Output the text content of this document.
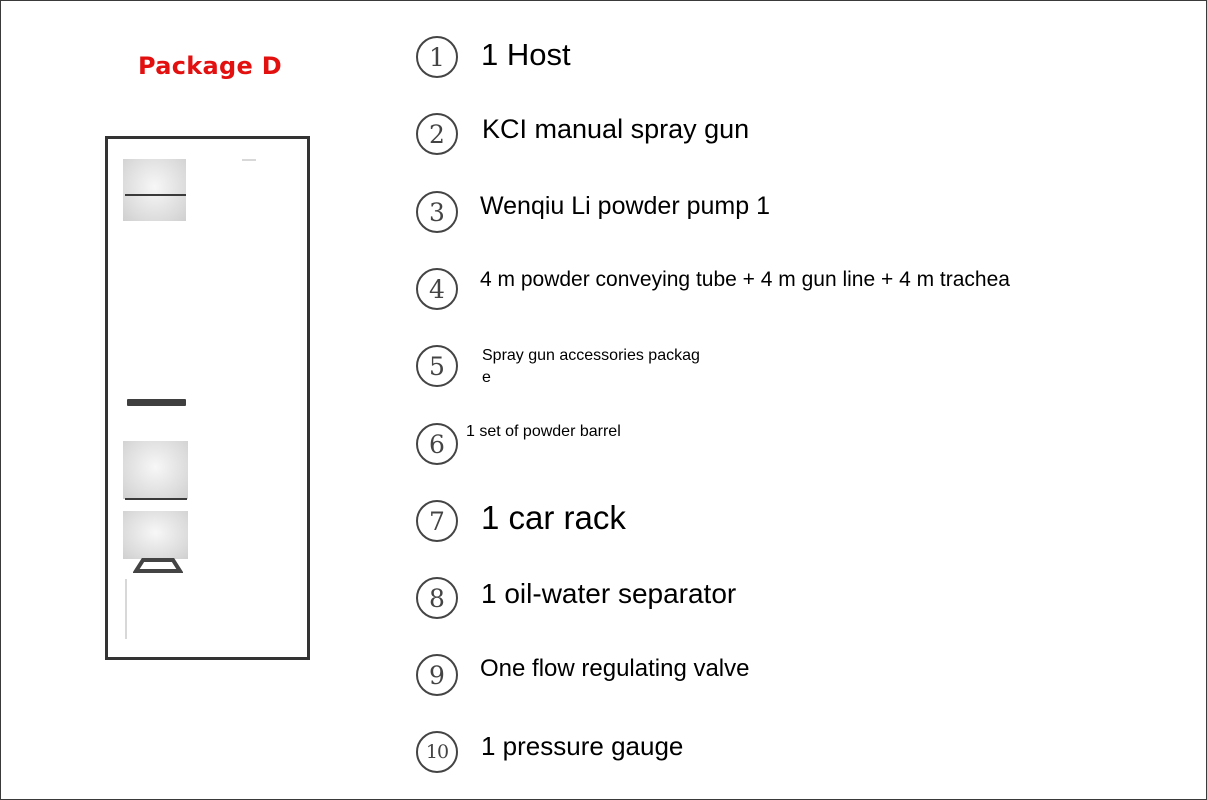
Package D	1 1 Host
2 KCI manual spray gun
3 Wenqiu Li powder pump 1
4 4 m powder conveying tube + 4 m gun line + 4 m trachea
5 Spray gun accessories packag
e
6 1 set of powder barrel
7 1 car rack
8 1 oil-water separator
9 One flow regulating valve
10 1 pressure gauge
